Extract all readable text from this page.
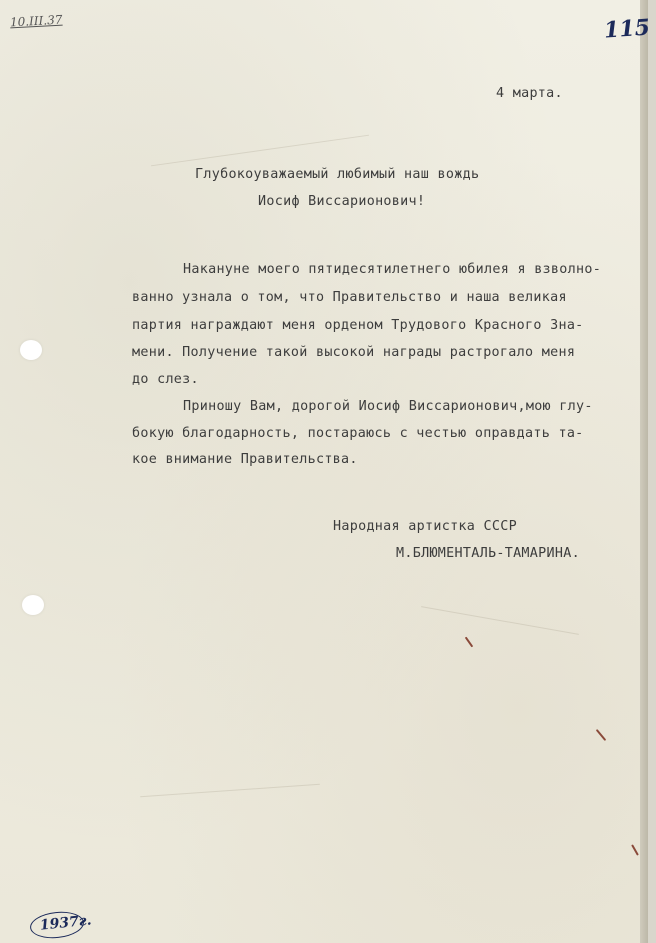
10.III.37	115
4 марта.
Глубокоуважаемый любимый наш вождь
Иосиф Виссарионович!
Накануне моего пятидесятилетнего юбилея я взволно-
ванно узнала о том, что Правительство и наша великая
партия награждают меня орденом Трудового Красного Зна-
мени. Получение такой высокой награды растрогало меня
до слез.
Приношу Вам, дорогой Иосиф Виссарионович,мою глу-
бокую благодарность, постараюсь с честью оправдать та-
кое внимание Правительства.
Народная артистка СССР
М.БЛЮМЕНТАЛЬ-ТАМАРИНА.
1937г.
